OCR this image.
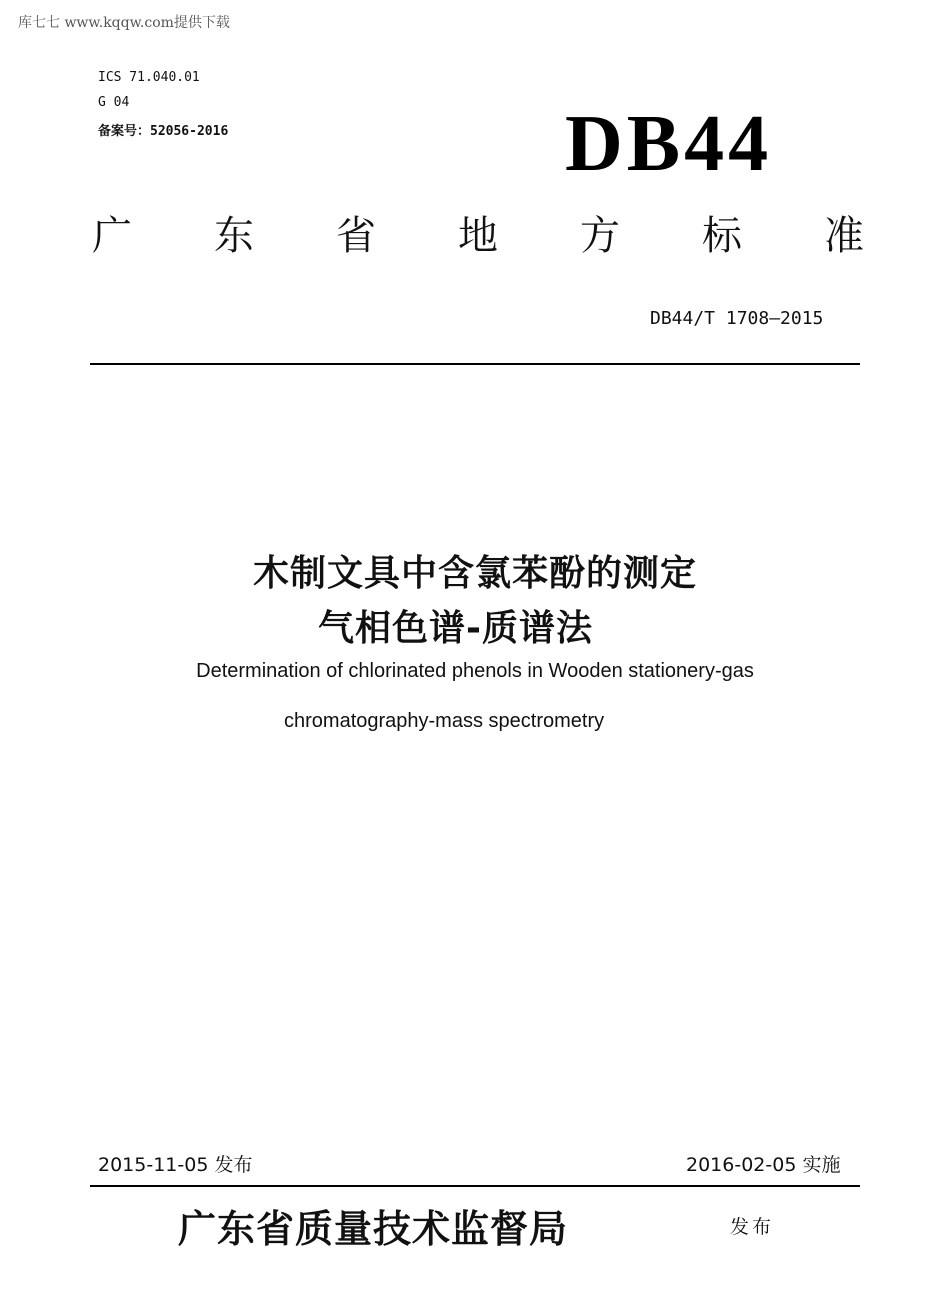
库七七 www.kqqw.com提供下载
ICS 71.040.01
G 04
备案号：52056-2016	DB44
广 东 省 地 方 标 准
DB44/T 1708—2015
木制文具中含氯苯酚的测定
气相色谱-质谱法
Determination of chlorinated phenols in Wooden stationery-gas
chromatography-mass spectrometry
2015-11-05 发布	2016-02-05 实施
广东省质量技术监督局	发布
